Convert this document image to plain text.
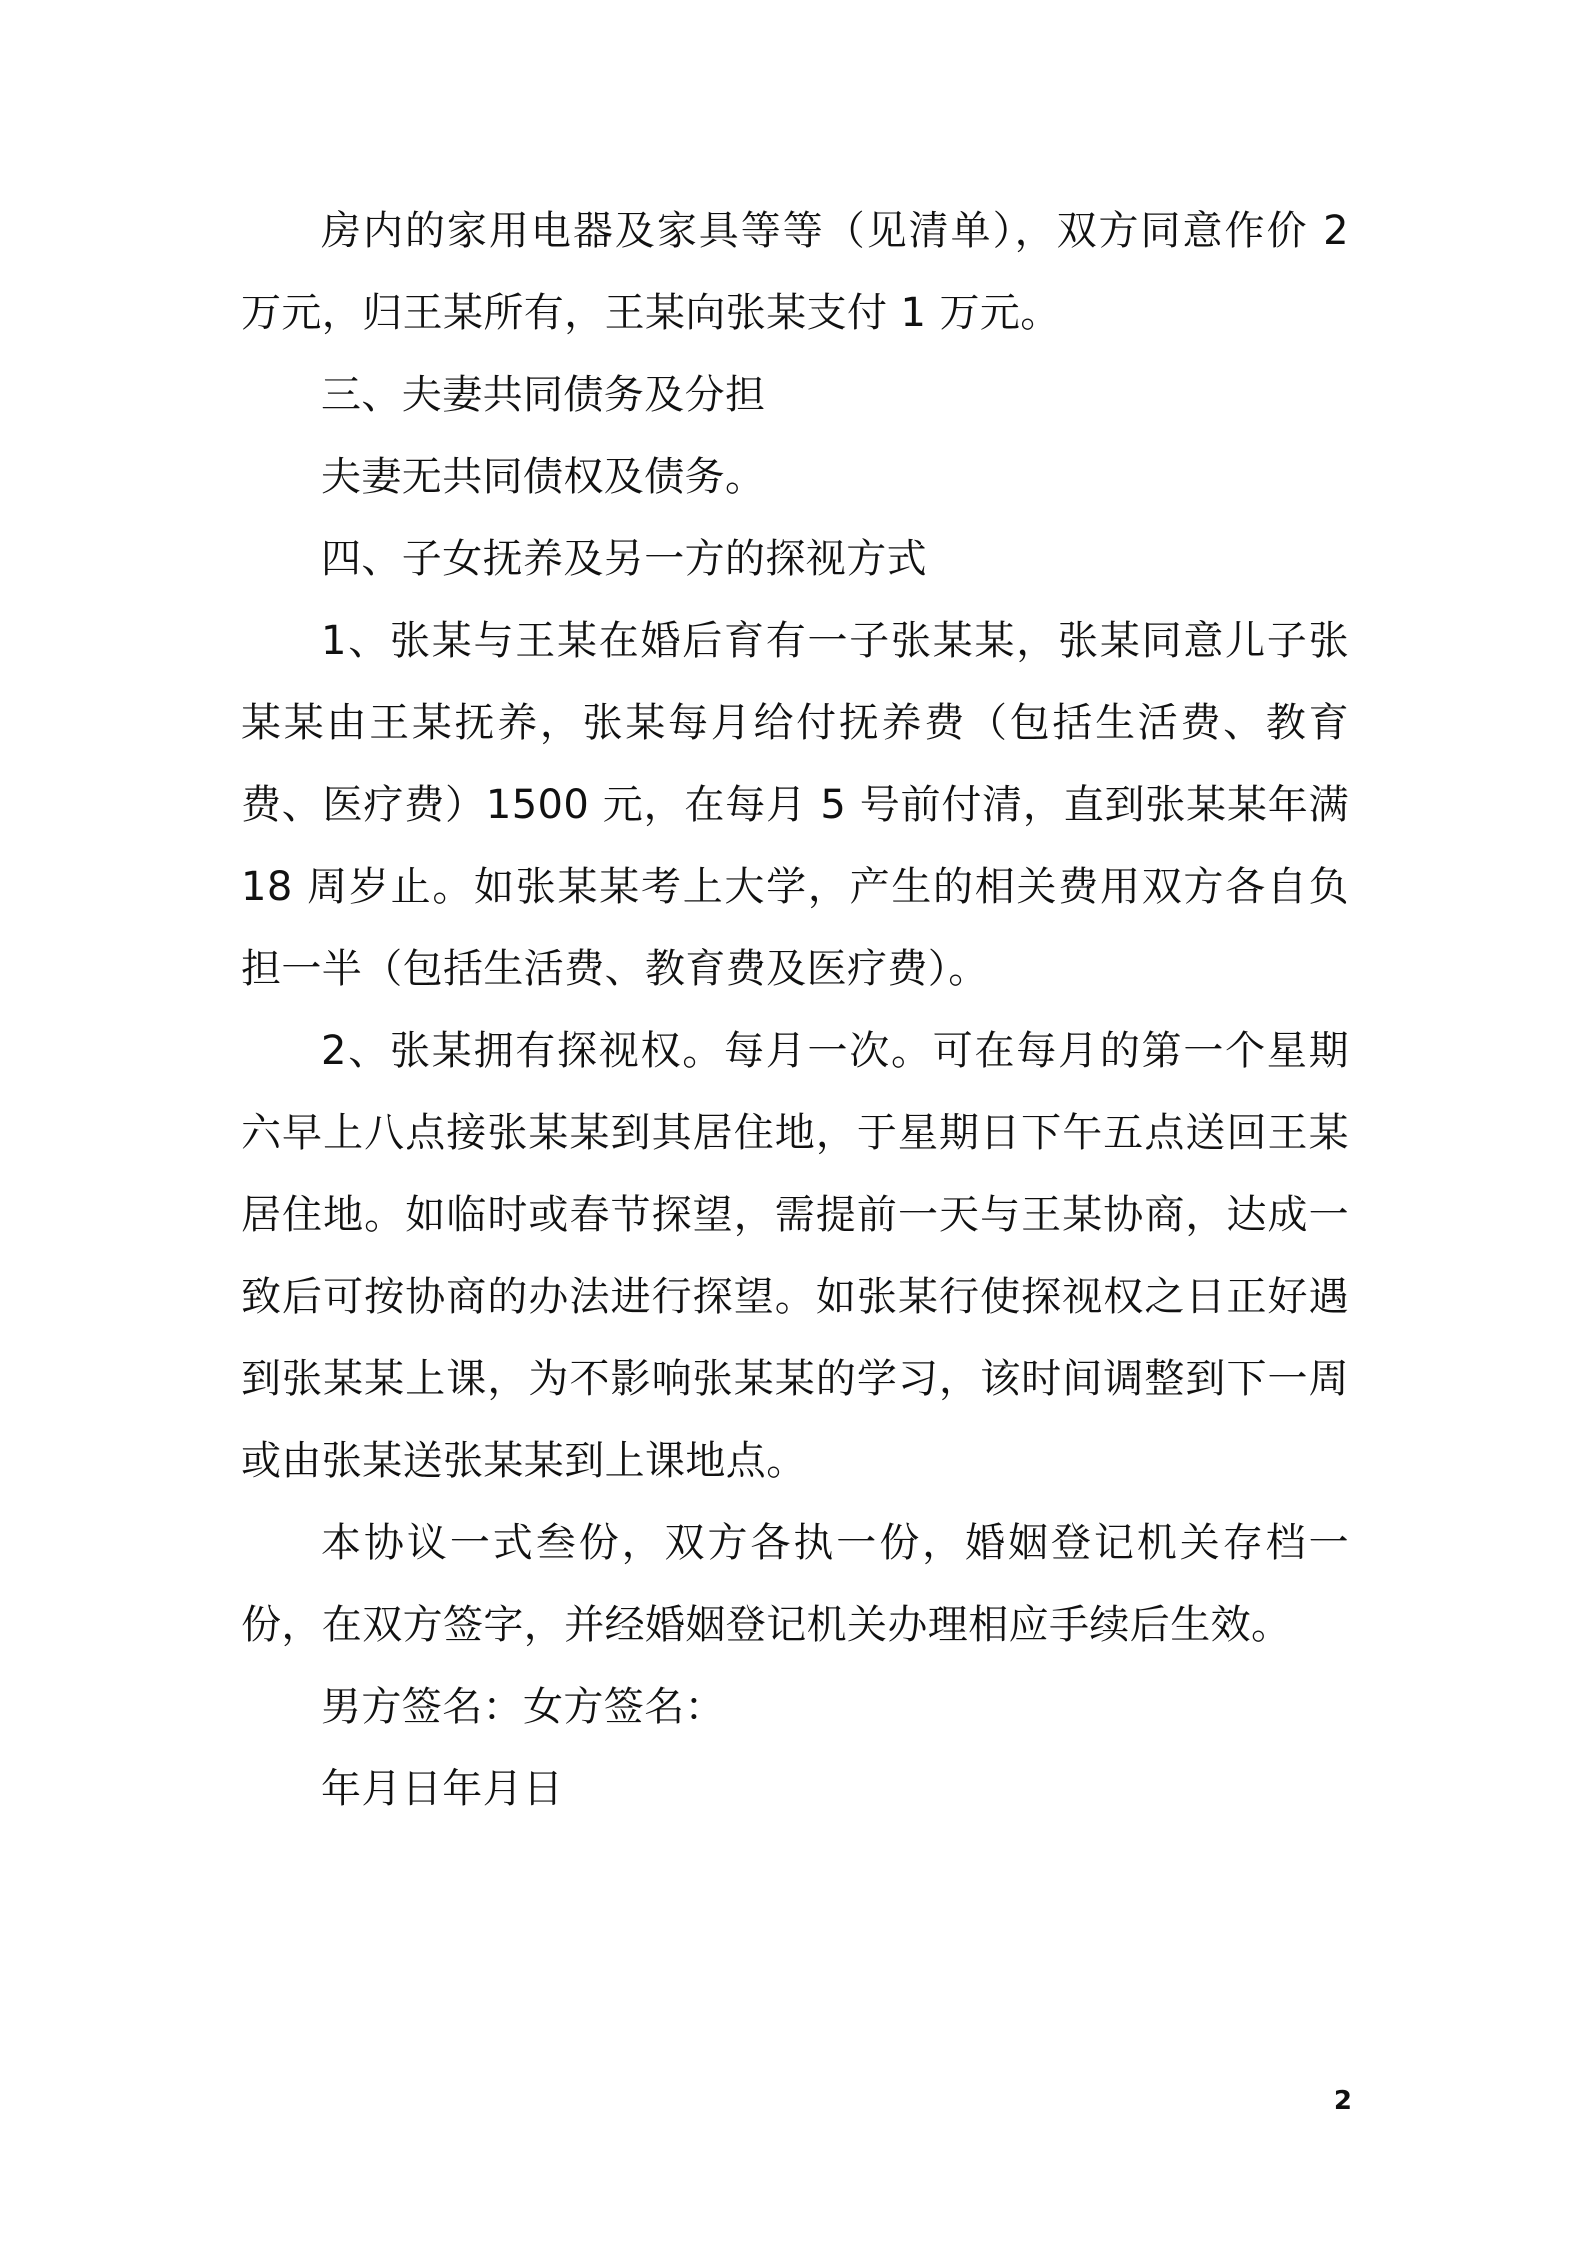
房内的家用电器及家具等等（见清单），双方同意作价 2 万元，归王某所有，王某向张某支付 1 万元。

三、夫妻共同债务及分担

夫妻无共同债权及债务。

四、子女抚养及另一方的探视方式

1、张某与王某在婚后育有一子张某某，张某同意儿子张某某由王某抚养，张某每月给付抚养费（包括生活费、教育费、医疗费）1500 元，在每月 5 号前付清，直到张某某年满 18 周岁止。如张某某考上大学，产生的相关费用双方各自负担一半（包括生活费、教育费及医疗费）。

2、张某拥有探视权。每月一次。可在每月的第一个星期六早上八点接张某某到其居住地，于星期日下午五点送回王某居住地。如临时或春节探望，需提前一天与王某协商，达成一致后可按协商的办法进行探望。如张某行使探视权之日正好遇到张某某上课，为不影响张某某的学习，该时间调整到下一周或由张某送张某某到上课地点。

本协议一式叁份，双方各执一份，婚姻登记机关存档一份，在双方签字，并经婚姻登记机关办理相应手续后生效。

男方签名：女方签名：

年月日年月日

2
